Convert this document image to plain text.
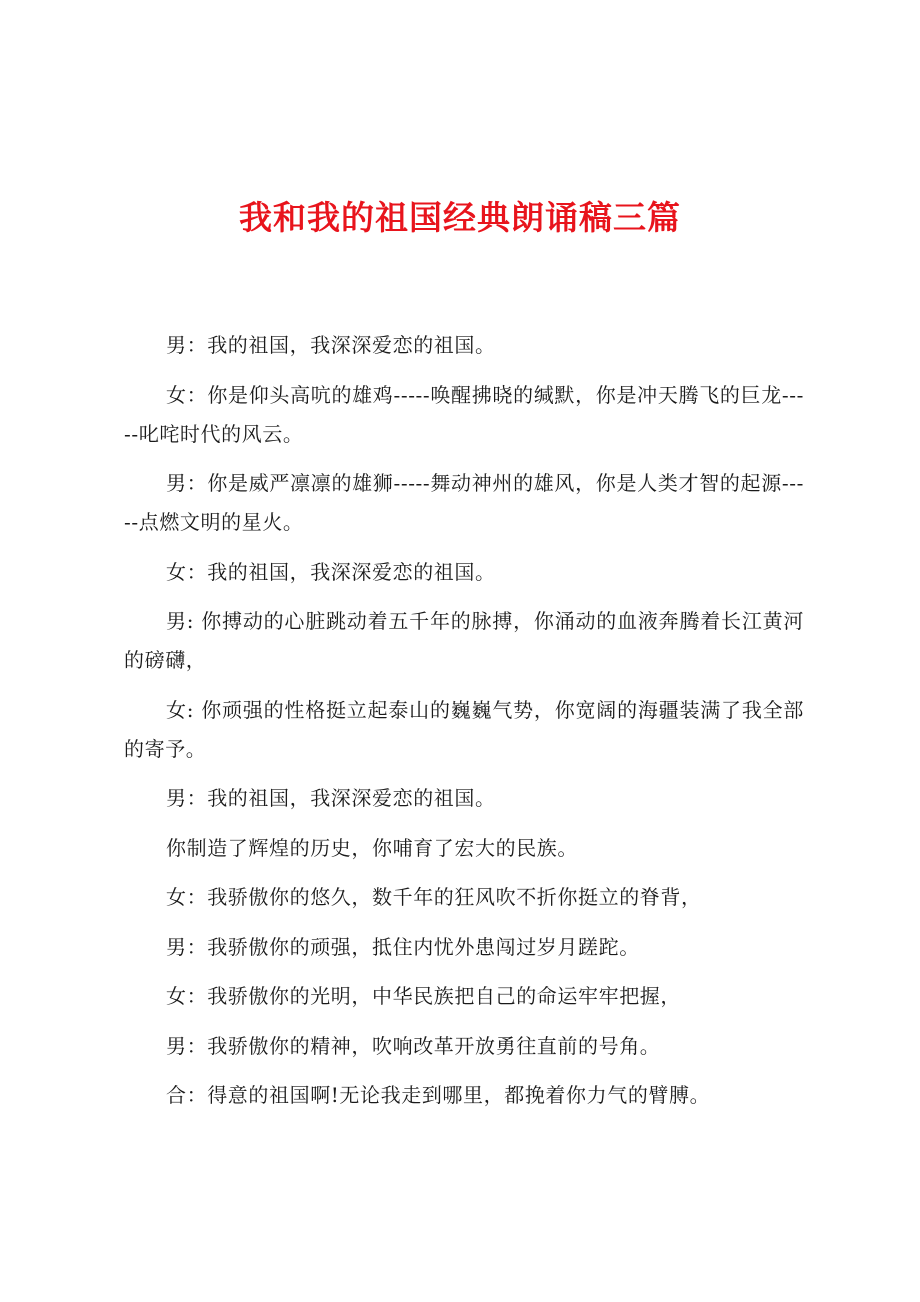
我和我的祖国经典朗诵稿三篇

男：我的祖国，我深深爱恋的祖国。

女：你是仰头高吭的雄鸡-----唤醒拂晓的缄默，你是冲天腾飞的巨龙-----叱咤时代的风云。

男：你是威严凛凛的雄狮-----舞动神州的雄风，你是人类才智的起源-----点燃文明的星火。

女：我的祖国，我深深爱恋的祖国。

男: 你搏动的心脏跳动着五千年的脉搏，你涌动的血液奔腾着长江黄河的磅礴，

女: 你顽强的性格挺立起泰山的巍巍气势，你宽阔的海疆装满了我全部的寄予。

男：我的祖国，我深深爱恋的祖国。

你制造了辉煌的历史，你哺育了宏大的民族。

女：我骄傲你的悠久，数千年的狂风吹不折你挺立的脊背，

男：我骄傲你的顽强，抵住内忧外患闯过岁月蹉跎。

女：我骄傲你的光明，中华民族把自己的命运牢牢把握，

男：我骄傲你的精神，吹响改革开放勇往直前的号角。

合：得意的祖国啊!无论我走到哪里，都挽着你力气的臂膊。
